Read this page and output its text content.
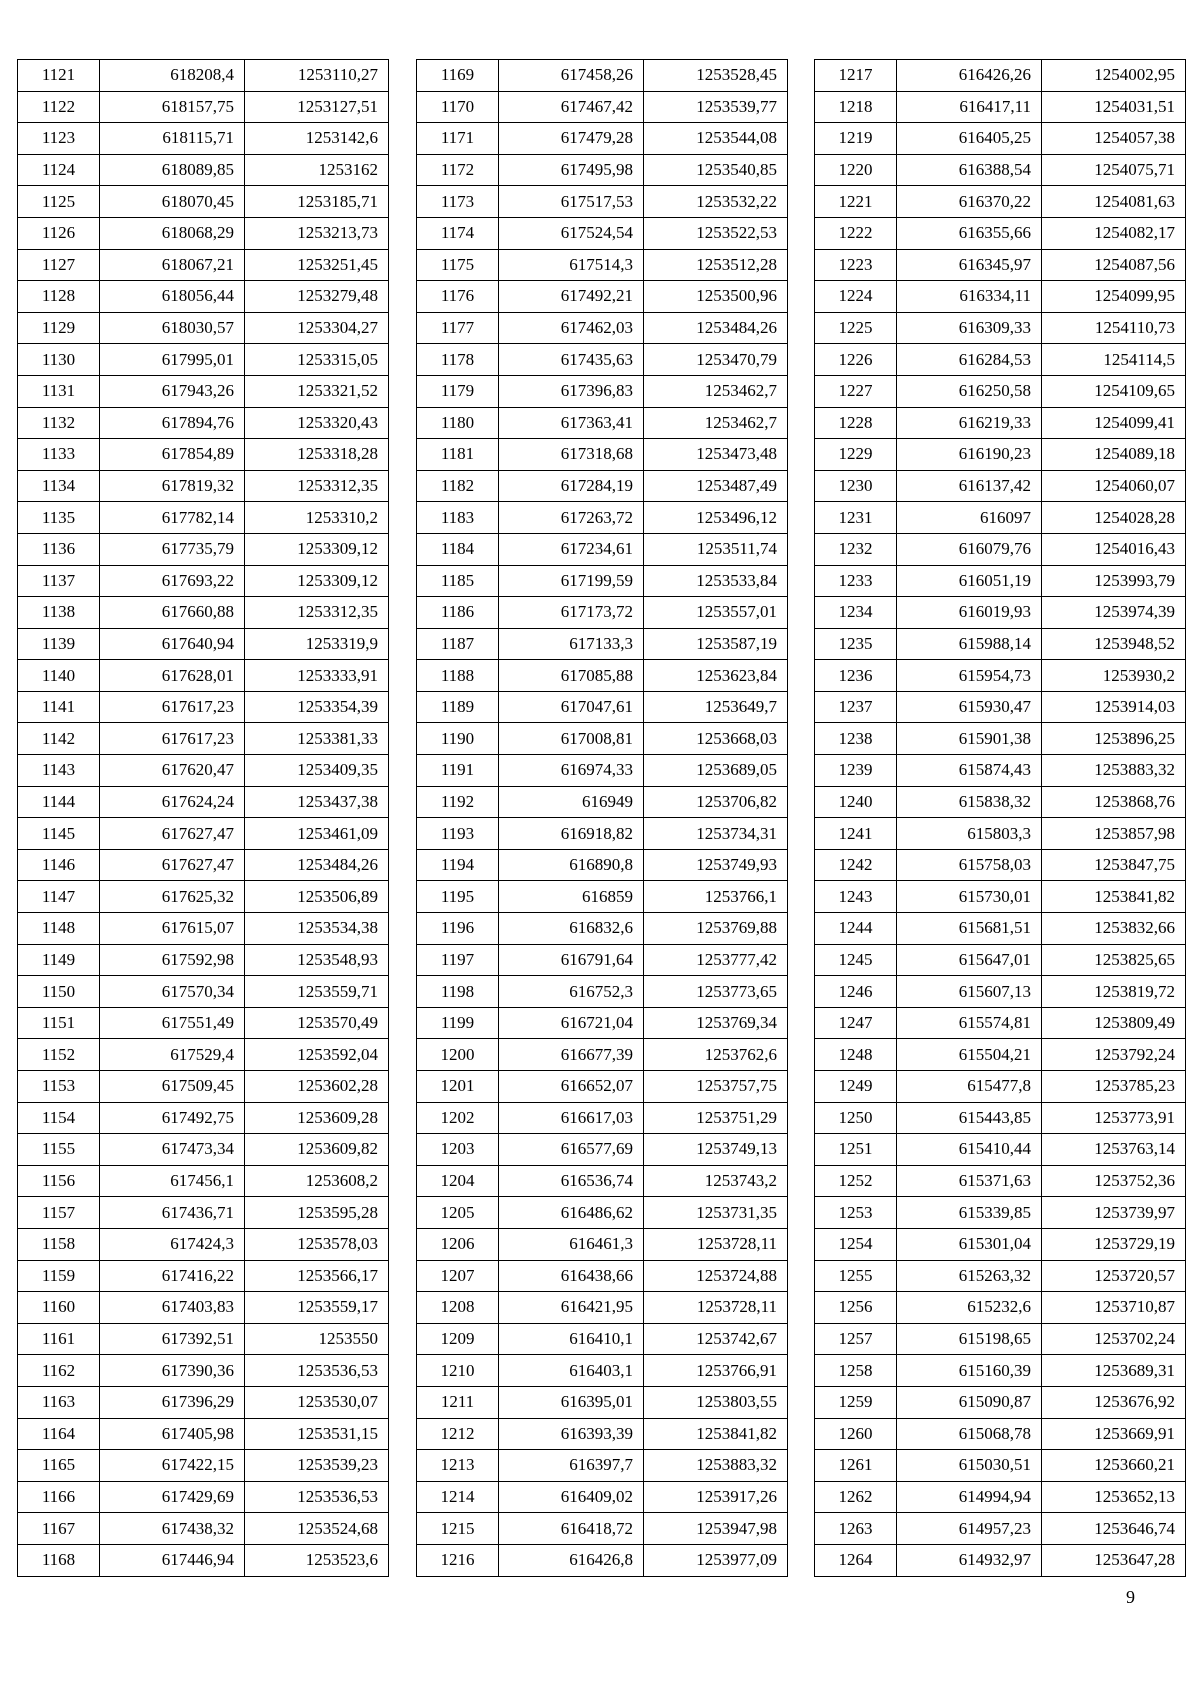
1121	618208,4	1253110,27
1122	618157,75	1253127,51
1123	618115,71	1253142,6
1124	618089,85	1253162
1125	618070,45	1253185,71
1126	618068,29	1253213,73
1127	618067,21	1253251,45
1128	618056,44	1253279,48
1129	618030,57	1253304,27
1130	617995,01	1253315,05
1131	617943,26	1253321,52
1132	617894,76	1253320,43
1133	617854,89	1253318,28
1134	617819,32	1253312,35
1135	617782,14	1253310,2
1136	617735,79	1253309,12
1137	617693,22	1253309,12
1138	617660,88	1253312,35
1139	617640,94	1253319,9
1140	617628,01	1253333,91
1141	617617,23	1253354,39
1142	617617,23	1253381,33
1143	617620,47	1253409,35
1144	617624,24	1253437,38
1145	617627,47	1253461,09
1146	617627,47	1253484,26
1147	617625,32	1253506,89
1148	617615,07	1253534,38
1149	617592,98	1253548,93
1150	617570,34	1253559,71
1151	617551,49	1253570,49
1152	617529,4	1253592,04
1153	617509,45	1253602,28
1154	617492,75	1253609,28
1155	617473,34	1253609,82
1156	617456,1	1253608,2
1157	617436,71	1253595,28
1158	617424,3	1253578,03
1159	617416,22	1253566,17
1160	617403,83	1253559,17
1161	617392,51	1253550
1162	617390,36	1253536,53
1163	617396,29	1253530,07
1164	617405,98	1253531,15
1165	617422,15	1253539,23
1166	617429,69	1253536,53
1167	617438,32	1253524,68
1168	617446,94	1253523,6
1169	617458,26	1253528,45
1170	617467,42	1253539,77
1171	617479,28	1253544,08
1172	617495,98	1253540,85
1173	617517,53	1253532,22
1174	617524,54	1253522,53
1175	617514,3	1253512,28
1176	617492,21	1253500,96
1177	617462,03	1253484,26
1178	617435,63	1253470,79
1179	617396,83	1253462,7
1180	617363,41	1253462,7
1181	617318,68	1253473,48
1182	617284,19	1253487,49
1183	617263,72	1253496,12
1184	617234,61	1253511,74
1185	617199,59	1253533,84
1186	617173,72	1253557,01
1187	617133,3	1253587,19
1188	617085,88	1253623,84
1189	617047,61	1253649,7
1190	617008,81	1253668,03
1191	616974,33	1253689,05
1192	616949	1253706,82
1193	616918,82	1253734,31
1194	616890,8	1253749,93
1195	616859	1253766,1
1196	616832,6	1253769,88
1197	616791,64	1253777,42
1198	616752,3	1253773,65
1199	616721,04	1253769,34
1200	616677,39	1253762,6
1201	616652,07	1253757,75
1202	616617,03	1253751,29
1203	616577,69	1253749,13
1204	616536,74	1253743,2
1205	616486,62	1253731,35
1206	616461,3	1253728,11
1207	616438,66	1253724,88
1208	616421,95	1253728,11
1209	616410,1	1253742,67
1210	616403,1	1253766,91
1211	616395,01	1253803,55
1212	616393,39	1253841,82
1213	616397,7	1253883,32
1214	616409,02	1253917,26
1215	616418,72	1253947,98
1216	616426,8	1253977,09
1217	616426,26	1254002,95
1218	616417,11	1254031,51
1219	616405,25	1254057,38
1220	616388,54	1254075,71
1221	616370,22	1254081,63
1222	616355,66	1254082,17
1223	616345,97	1254087,56
1224	616334,11	1254099,95
1225	616309,33	1254110,73
1226	616284,53	1254114,5
1227	616250,58	1254109,65
1228	616219,33	1254099,41
1229	616190,23	1254089,18
1230	616137,42	1254060,07
1231	616097	1254028,28
1232	616079,76	1254016,43
1233	616051,19	1253993,79
1234	616019,93	1253974,39
1235	615988,14	1253948,52
1236	615954,73	1253930,2
1237	615930,47	1253914,03
1238	615901,38	1253896,25
1239	615874,43	1253883,32
1240	615838,32	1253868,76
1241	615803,3	1253857,98
1242	615758,03	1253847,75
1243	615730,01	1253841,82
1244	615681,51	1253832,66
1245	615647,01	1253825,65
1246	615607,13	1253819,72
1247	615574,81	1253809,49
1248	615504,21	1253792,24
1249	615477,8	1253785,23
1250	615443,85	1253773,91
1251	615410,44	1253763,14
1252	615371,63	1253752,36
1253	615339,85	1253739,97
1254	615301,04	1253729,19
1255	615263,32	1253720,57
1256	615232,6	1253710,87
1257	615198,65	1253702,24
1258	615160,39	1253689,31
1259	615090,87	1253676,92
1260	615068,78	1253669,91
1261	615030,51	1253660,21
1262	614994,94	1253652,13
1263	614957,23	1253646,74
1264	614932,97	1253647,28
9
